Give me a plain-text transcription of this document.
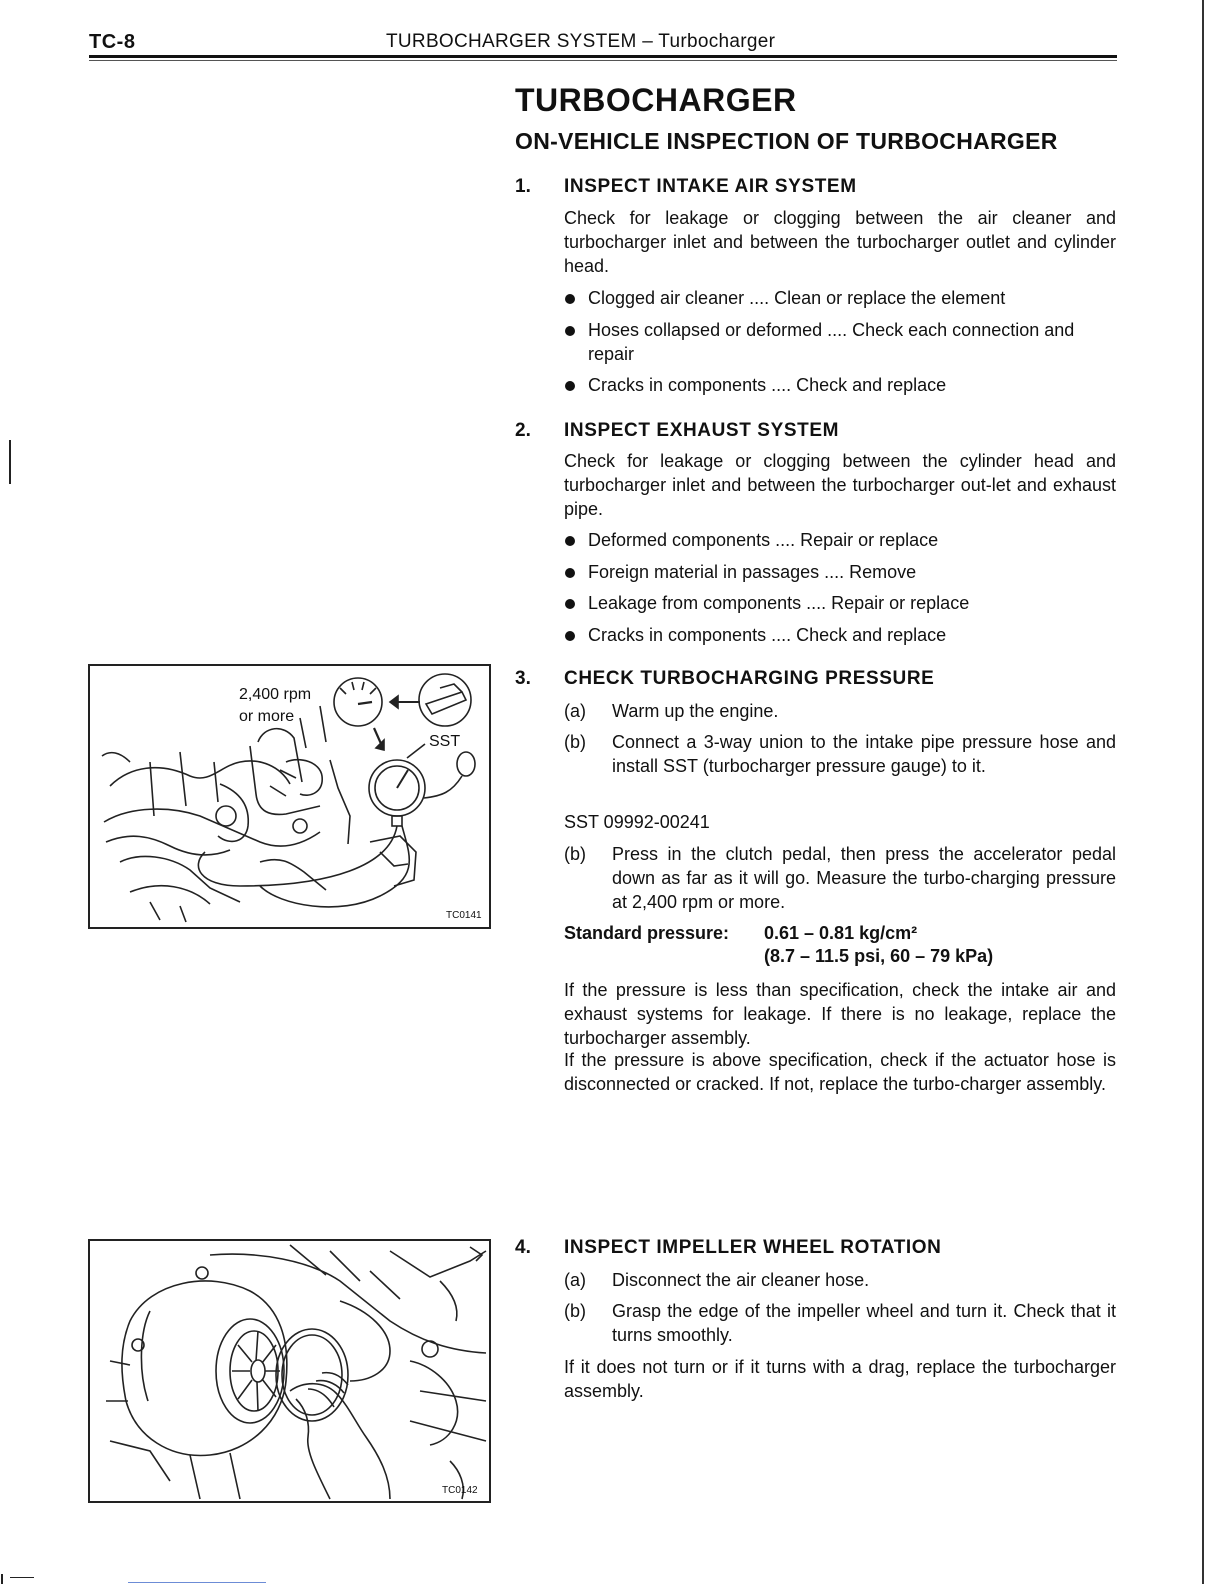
TC-8	TURBOCHARGER SYSTEM – Turbocharger
TURBOCHARGER
ON-VEHICLE INSPECTION OF TURBOCHARGER
1. INSPECT INTAKE AIR SYSTEM
Check for leakage or clogging between the air cleaner and turbocharger inlet and between the turbocharger outlet and cylinder head.
Clogged air cleaner .... Clean or replace the element
Hoses collapsed or deformed .... Check each connection and repair
Cracks in components .... Check and replace
2. INSPECT EXHAUST SYSTEM
Check for leakage or clogging between the cylinder head and turbocharger inlet and between the turbocharger out-let and exhaust pipe.
Deformed components .... Repair or replace
Foreign material in passages .... Remove
Leakage from components .... Repair or replace
Cracks in components .... Check and replace
3. CHECK TURBOCHARGING PRESSURE
(a) Warm up the engine.
(b) Connect a 3-way union to the intake pipe pressure hose and install SST (turbocharger pressure gauge) to it.
SST 09992-00241
(b) Press in the clutch pedal, then press the accelerator pedal down as far as it will go. Measure the turbo-charging pressure at 2,400 rpm or more.
Standard pressure: 0.61 – 0.81 kg/cm²
(8.7 – 11.5 psi, 60 – 79 kPa)
If the pressure is less than specification, check the intake air and exhaust systems for leakage. If there is no leakage, replace the turbocharger assembly.
If the pressure is above specification, check if the actuator hose is disconnected or cracked. If not, replace the turbo-charger assembly.
4. INSPECT IMPELLER WHEEL ROTATION
(a) Disconnect the air cleaner hose.
(b) Grasp the edge of the impeller wheel and turn it. Check that it turns smoothly.
If it does not turn or if it turns with a drag, replace the turbocharger assembly.
2,400 rpm
or more
SST
TC0141
TC0142
